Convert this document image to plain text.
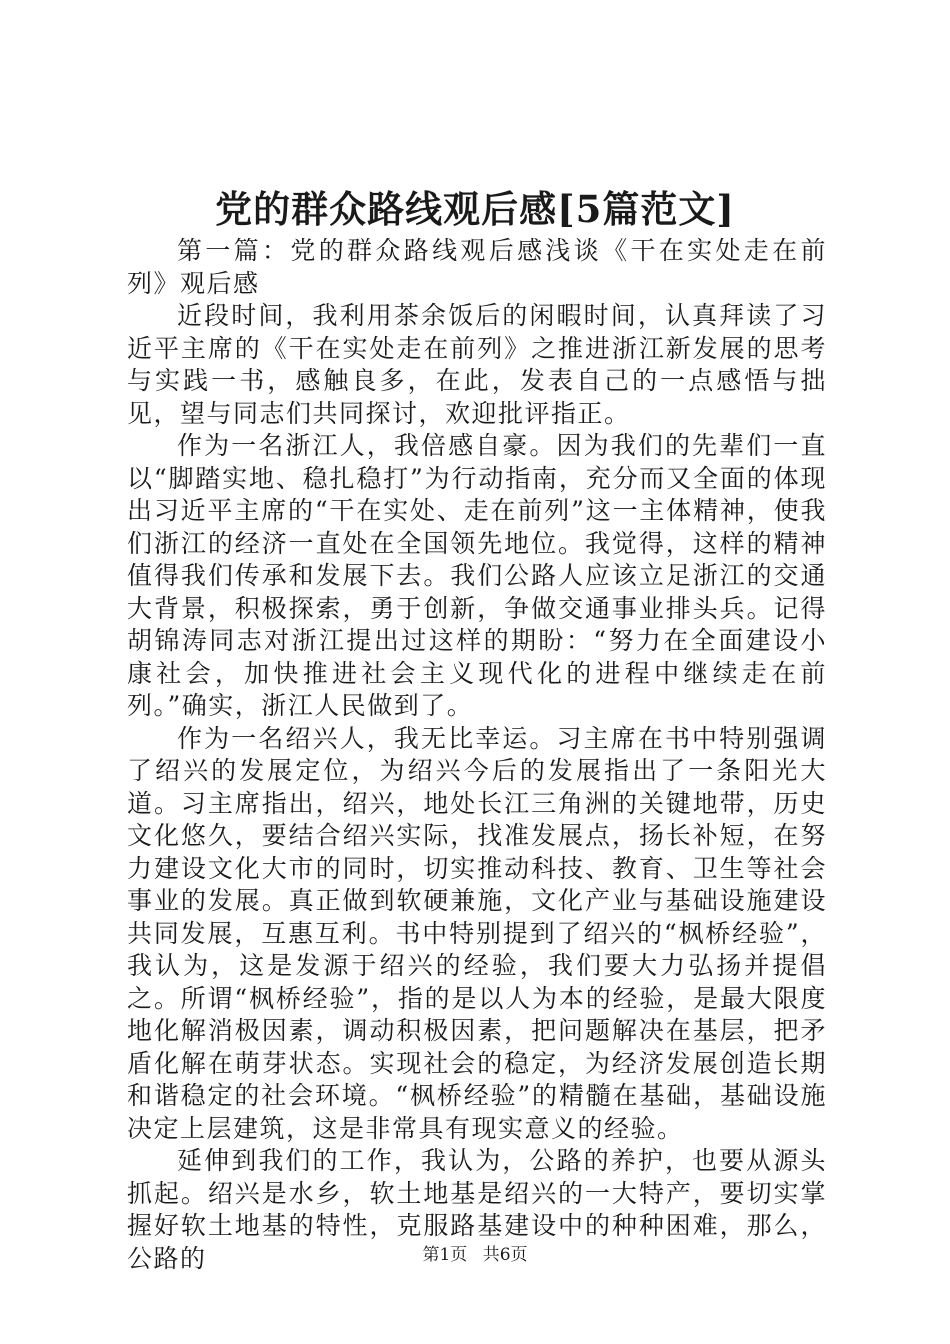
党的群众路线观后感[5篇范文]

第一篇：党的群众路线观后感浅谈《干在实处走在前列》观后感

近段时间，我利用茶余饭后的闲暇时间，认真拜读了习近平主席的《干在实处走在前列》之推进浙江新发展的思考与实践一书，感触良多，在此，发表自己的一点感悟与拙见，望与同志们共同探讨，欢迎批评指正。

作为一名浙江人，我倍感自豪。因为我们的先辈们一直以“脚踏实地、稳扎稳打”为行动指南，充分而又全面的体现出习近平主席的“干在实处、走在前列”这一主体精神，使我们浙江的经济一直处在全国领先地位。我觉得，这样的精神值得我们传承和发展下去。我们公路人应该立足浙江的交通大背景，积极探索，勇于创新，争做交通事业排头兵。记得胡锦涛同志对浙江提出过这样的期盼：“努力在全面建设小康社会，加快推进社会主义现代化的进程中继续走在前列。”确实，浙江人民做到了。

作为一名绍兴人，我无比幸运。习主席在书中特别强调了绍兴的发展定位，为绍兴今后的发展指出了一条阳光大道。习主席指出，绍兴，地处长江三角洲的关键地带，历史文化悠久，要结合绍兴实际，找准发展点，扬长补短，在努力建设文化大市的同时，切实推动科技、教育、卫生等社会事业的发展。真正做到软硬兼施，文化产业与基础设施建设共同发展，互惠互利。书中特别提到了绍兴的“枫桥经验”，我认为，这是发源于绍兴的经验，我们要大力弘扬并提倡之。所谓“枫桥经验”，指的是以人为本的经验，是最大限度地化解消极因素，调动积极因素，把问题解决在基层，把矛盾化解在萌芽状态。实现社会的稳定，为经济发展创造长期和谐稳定的社会环境。“枫桥经验”的精髓在基础，基础设施决定上层建筑，这是非常具有现实意义的经验。

延伸到我们的工作，我认为，公路的养护，也要从源头抓起。绍兴是水乡，软土地基是绍兴的一大特产，要切实掌握好软土地基的特性，克服路基建设中的种种困难，那么，公路的	第1页 共6页
